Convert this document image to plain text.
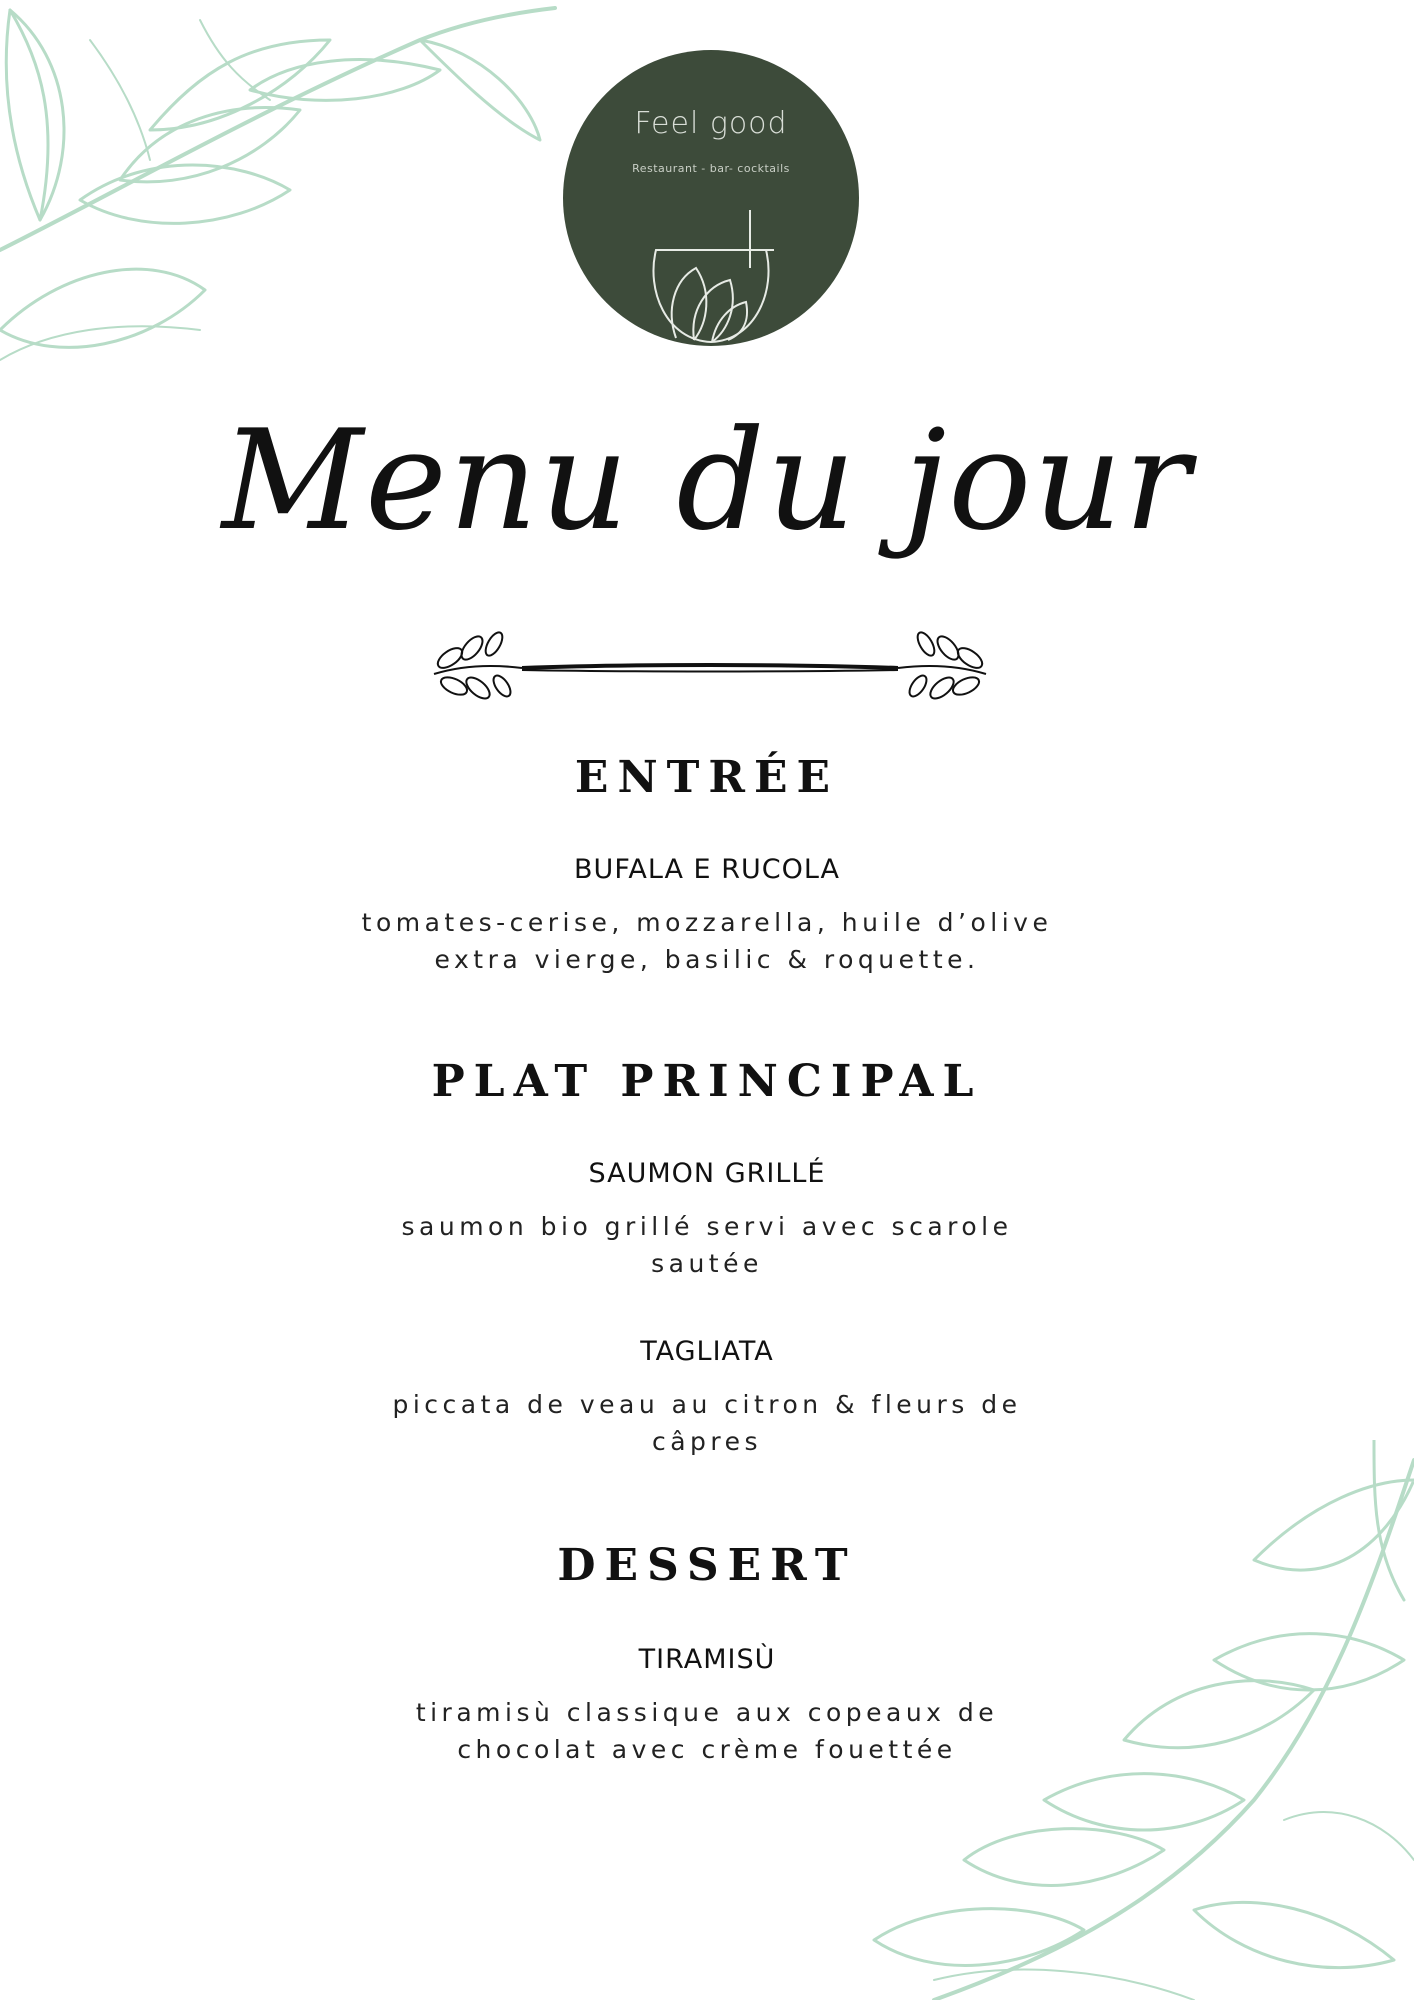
Feel good
Restaurant - bar- cocktails
Menu du jour
ENTRÉE
BUFALA E RUCOLA
tomates-cerise, mozzarella, huile d’olive extra vierge, basilic & roquette.
PLAT PRINCIPAL
SAUMON GRILLÉ
saumon bio grillé servi avec scarole sautée
TAGLIATA
piccata de veau au citron & fleurs de câpres
DESSERT
TIRAMISÙ
tiramisù classique aux copeaux de chocolat avec crème fouettée
